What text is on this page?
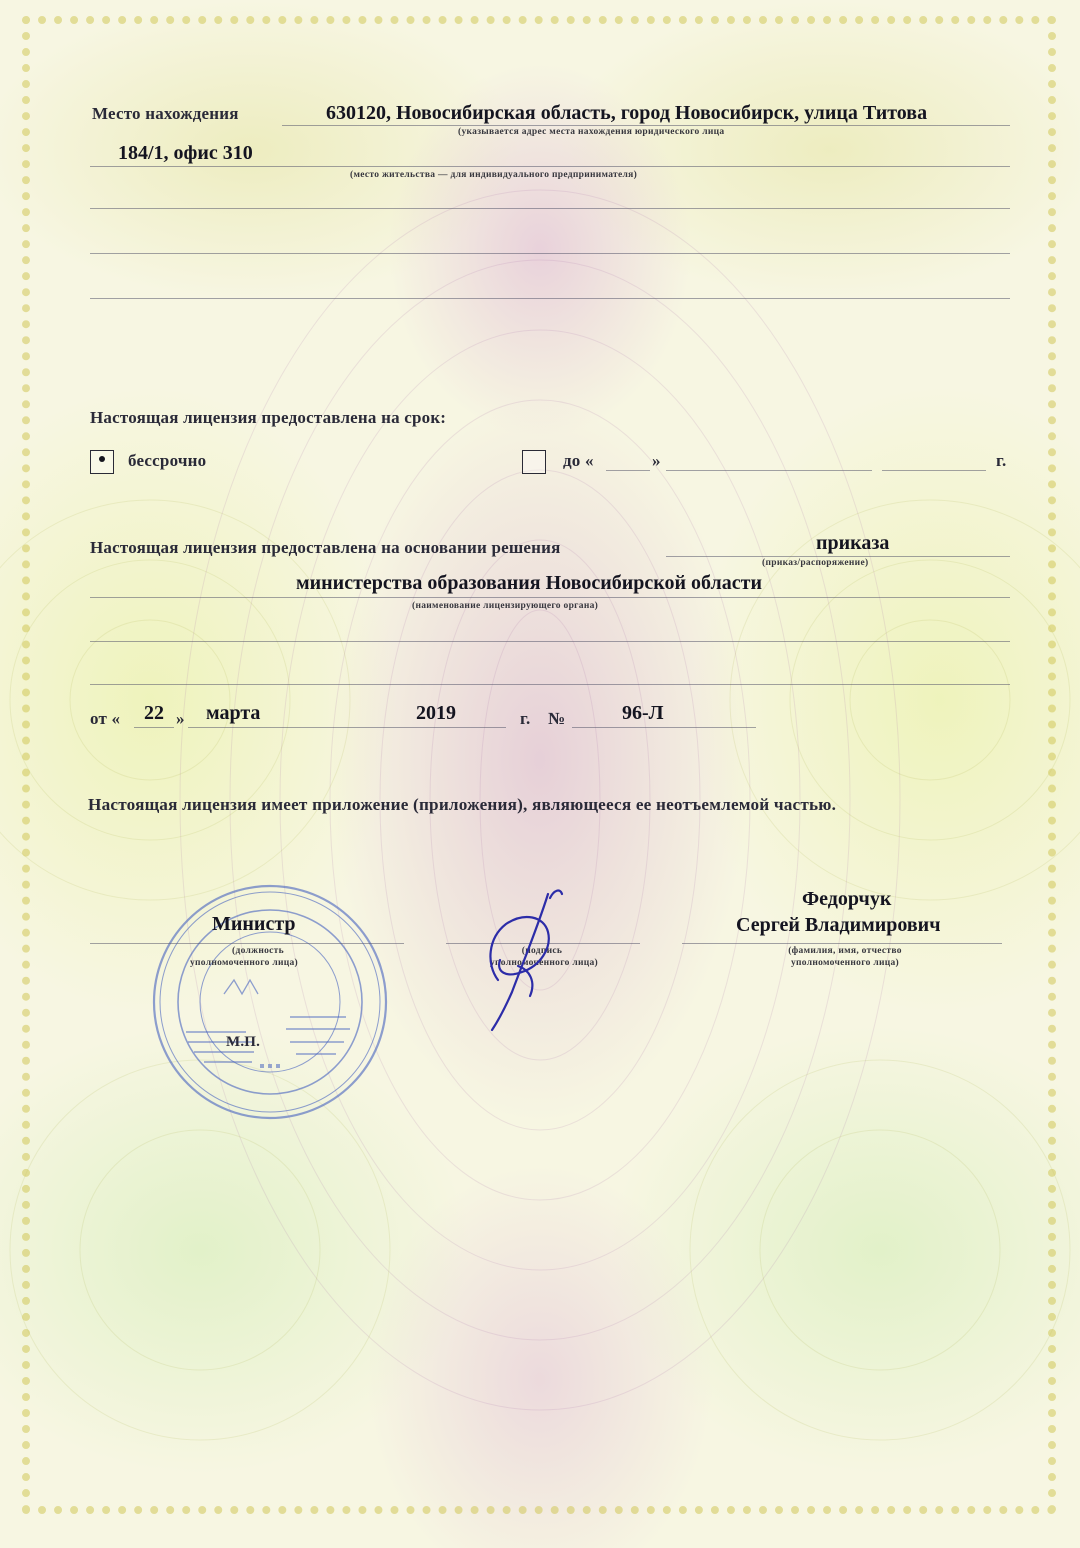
Место нахождения	630120, Новосибирская область, город Новосибирск, улица Титова
(указывается адрес места нахождения юридического лица
184/1, офис 310
(место жительства — для индивидуального предпринимателя)
Настоящая лицензия предоставлена на срок:
бессрочно	до «	»	г.
Настоящая лицензия предоставлена на основании решения	приказа
(приказ/распоряжение)
министерства образования Новосибирской области
(наименование лицензирующего органа)
от « 22 » марта	2019	г. №	96-Л
Настоящая лицензия имеет приложение (приложения), являющееся ее неотъемлемой частью.
Министр
(должность
уполномоченного лица)
(подпись
уполномоченного лица)
Федорчук
Сергей Владимирович
(фамилия, имя, отчество
уполномоченного лица)
М.П.
